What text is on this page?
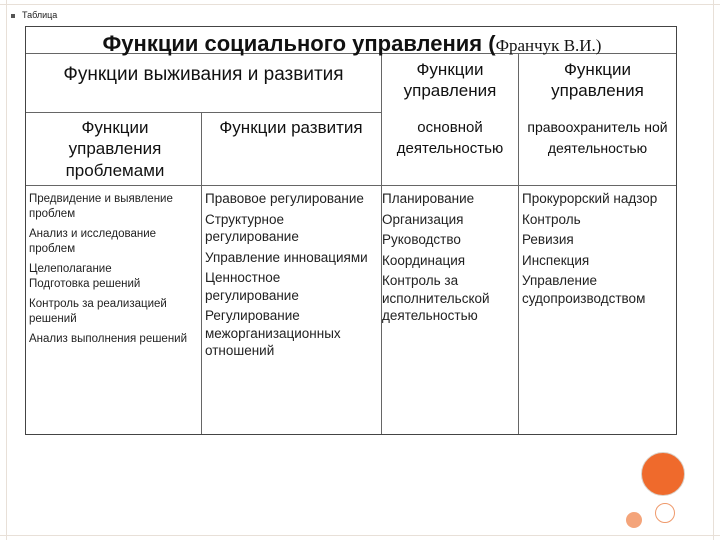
Таблица
Функции социального управления (Франчук В.И.)
Функции выживания и развития	Функции управления
Функции управления
Функции управления проблемами
Функции развития	основной деятельностью
правоохранитель ной деятельностью
Предвидение и выявление проблем
Анализ и исследование проблем
Целеполагание
Подготовка решений
Контроль за реализацией решений
Анализ выполнения решений
Правовое регулирование
Структурное регулирование
Управление инновациями
Ценностное регулирование
Регулирование межорганизационных отношений
Планирование
Организация
Руководство
Координация
Контроль за исполнительской деятельностью
Прокурорский надзор
Контроль
Ревизия
Инспекция
Управление судопроизводством
